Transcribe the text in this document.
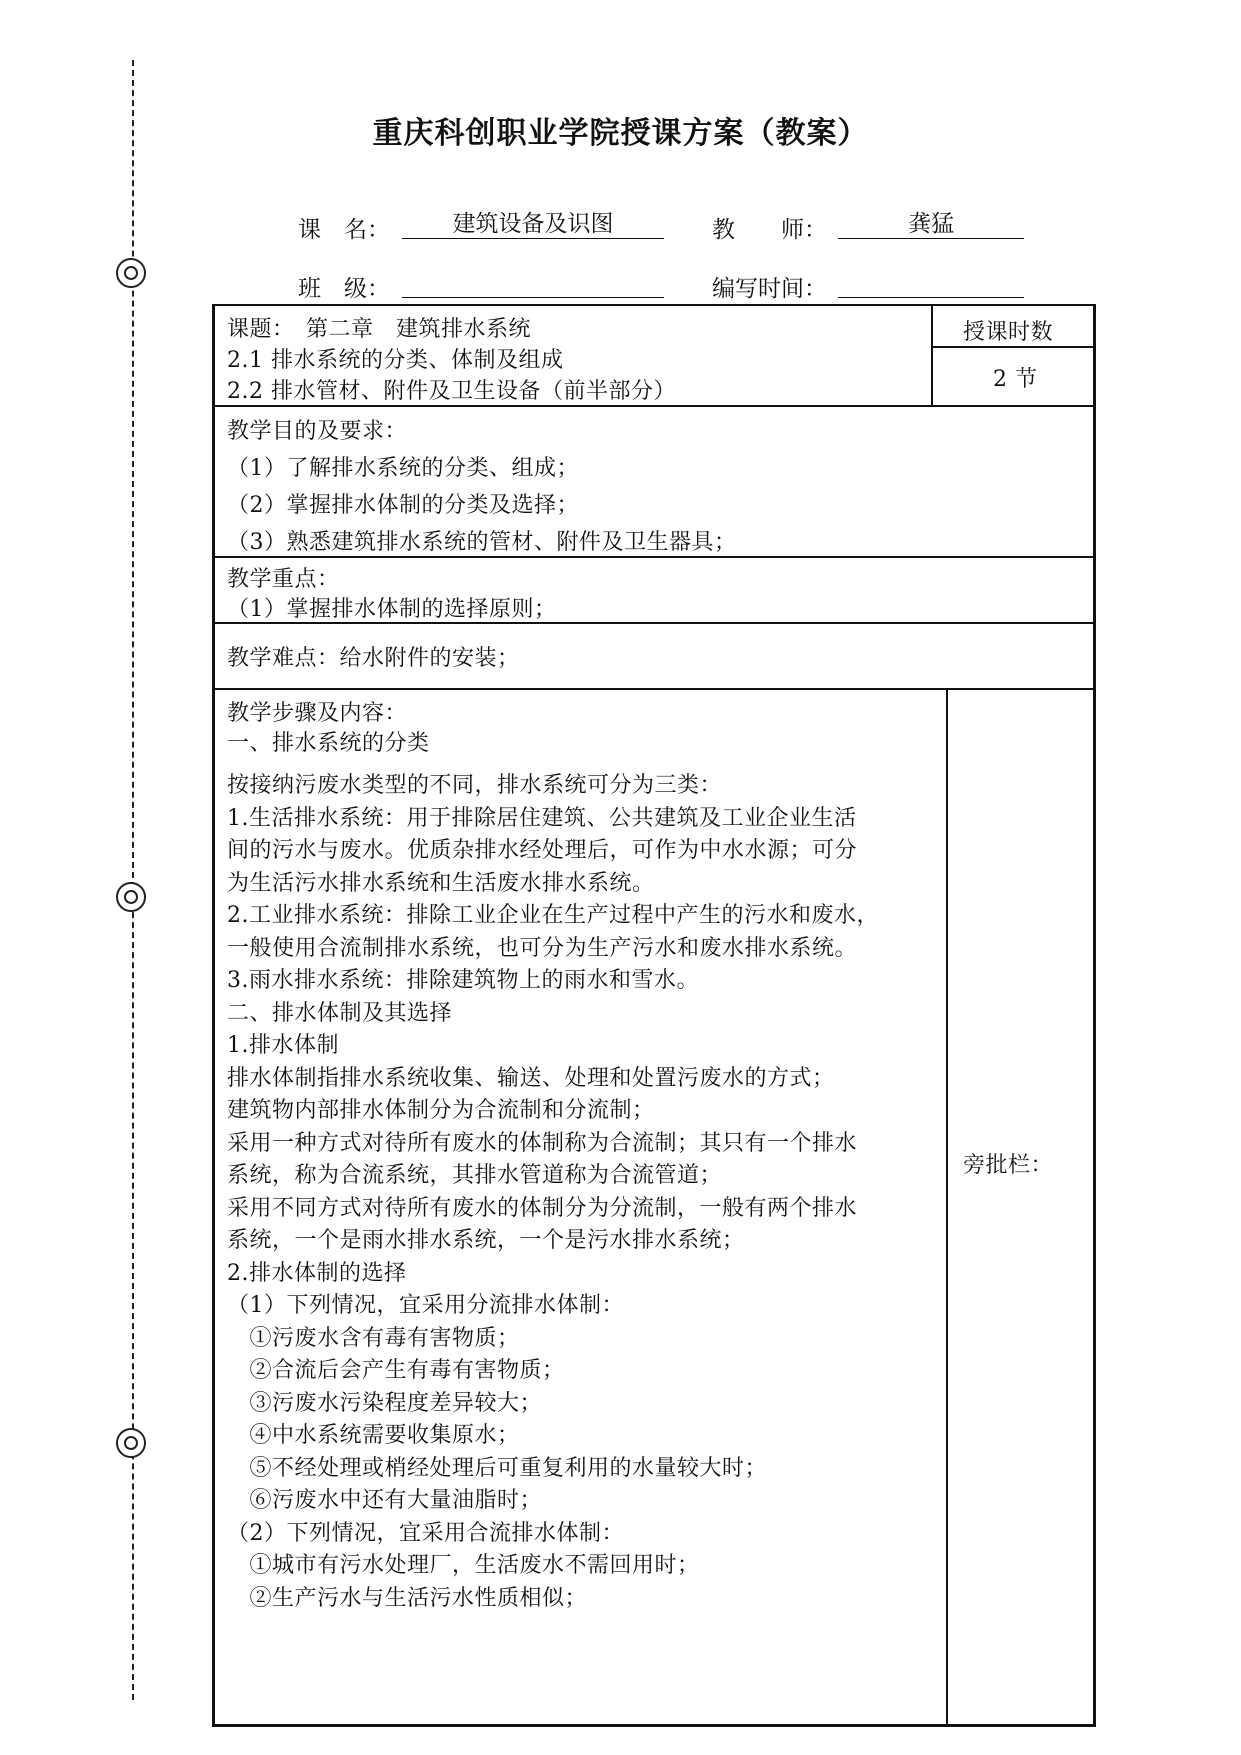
重庆科创职业学院授课方案（教案）
课　名：	建筑设备及识图	教　　师：	龚猛
班　级：	编写时间：
课题：　第二章　建筑排水系统
2.1 排水系统的分类、体制及组成
2.2 排水管材、附件及卫生设备（前半部分）
授课时数
2 节
教学目的及要求：
（1）了解排水系统的分类、组成；
（2）掌握排水体制的分类及选择；
（3）熟悉建筑排水系统的管材、附件及卫生器具；
教学重点：
（1）掌握排水体制的选择原则；
教学难点：给水附件的安装；
教学步骤及内容：
一、排水系统的分类
按接纳污废水类型的不同，排水系统可分为三类：
1.生活排水系统：用于排除居住建筑、公共建筑及工业企业生活
间的污水与废水。优质杂排水经处理后，可作为中水水源；可分
为生活污水排水系统和生活废水排水系统。
2.工业排水系统：排除工业企业在生产过程中产生的污水和废水，
一般使用合流制排水系统，也可分为生产污水和废水排水系统。
3.雨水排水系统：排除建筑物上的雨水和雪水。
二、排水体制及其选择
1.排水体制
排水体制指排水系统收集、输送、处理和处置污废水的方式；
建筑物内部排水体制分为合流制和分流制；
采用一种方式对待所有废水的体制称为合流制；其只有一个排水
系统，称为合流系统，其排水管道称为合流管道；
采用不同方式对待所有废水的体制分为分流制，一般有两个排水
系统，一个是雨水排水系统，一个是污水排水系统；
2.排水体制的选择
（1）下列情况，宜采用分流排水体制：
　①污废水含有毒有害物质；
　②合流后会产生有毒有害物质；
　③污废水污染程度差异较大；
　④中水系统需要收集原水；
　⑤不经处理或梢经处理后可重复利用的水量较大时；
　⑥污废水中还有大量油脂时；
（2）下列情况，宜采用合流排水体制：
　①城市有污水处理厂，生活废水不需回用时；
　②生产污水与生活污水性质相似；
旁批栏：
